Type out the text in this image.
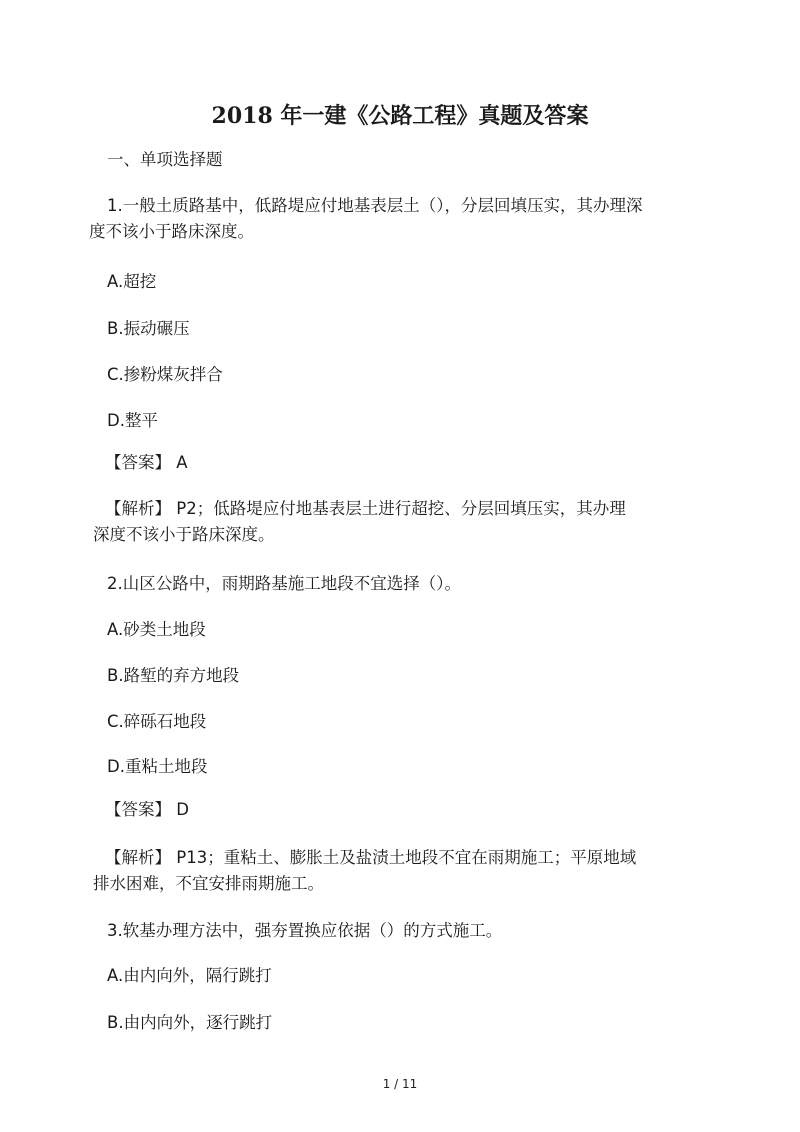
2018 年一建《公路工程》真题及答案
一、单项选择题
1.一般土质路基中，低路堤应付地基表层土（），分层回填压实，其办理深
度不该小于路床深度。
A.超挖
B.振动碾压
C.掺粉煤灰拌合
D.整平
【答案】 A
【解析】 P2；低路堤应付地基表层土进行超挖、分层回填压实，其办理
深度不该小于路床深度。
2.山区公路中，雨期路基施工地段不宜选择（）。
A.砂类土地段
B.路堑的弃方地段
C.碎砾石地段
D.重粘土地段
【答案】 D
【解析】 P13；重粘土、膨胀土及盐渍土地段不宜在雨期施工；平原地域
排水困难，不宜安排雨期施工。
3.软基办理方法中，强夯置换应依据（）的方式施工。
A.由内向外，隔行跳打
B.由内向外，逐行跳打
1 / 11
